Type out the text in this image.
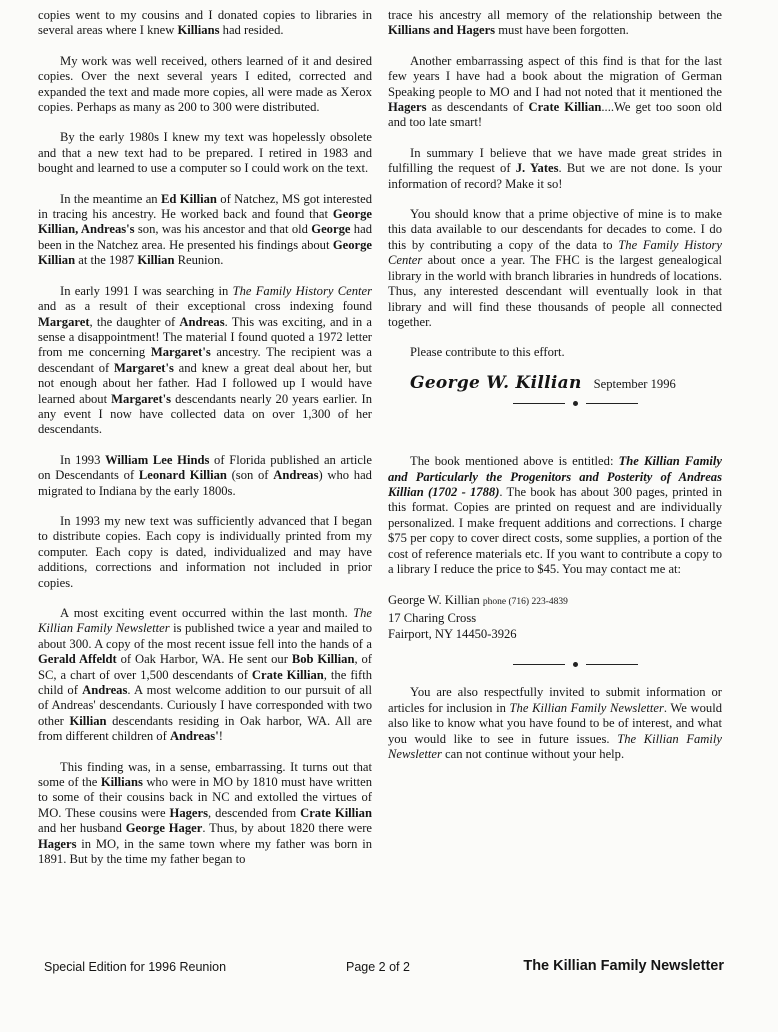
copies went to my cousins and I donated copies to libraries in several areas where I knew Killians had resided.

My work was well received, others learned of it and desired copies. Over the next several years I edited, corrected and expanded the text and made more copies, all were made as Xerox copies. Perhaps as many as 200 to 300 were distributed.

By the early 1980s I knew my text was hopelessly obsolete and that a new text had to be prepared. I retired in 1983 and bought and learned to use a computer so I could work on the text.

In the meantime an Ed Killian of Natchez, MS got interested in tracing his ancestry. He worked back and found that George Killian, Andreas's son, was his ancestor and that old George had been in the Natchez area. He presented his findings about George Killian at the 1987 Killian Reunion.

In early 1991 I was searching in The Family History Center and as a result of their exceptional cross indexing found Margaret, the daughter of Andreas. This was exciting, and in a sense a disappointment! The material I found quoted a 1972 letter from me concerning Margaret's ancestry. The recipient was a descendant of Margaret's and knew a great deal about her, but not enough about her father. Had I followed up I would have learned about Margaret's descendants nearly 20 years earlier. In any event I now have collected data on over 1,300 of her descendants.

In 1993 William Lee Hinds of Florida published an article on Descendants of Leonard Killian (son of Andreas) who had migrated to Indiana by the early 1800s.

In 1993 my new text was sufficiently advanced that I began to distribute copies. Each copy is individually printed from my computer. Each copy is dated, individualized and may have additions, corrections and information not included in prior copies.

A most exciting event occurred within the last month. The Killian Family Newsletter is published twice a year and mailed to about 300. A copy of the most recent issue fell into the hands of a Gerald Affeldt of Oak Harbor, WA. He sent our Bob Killian, of SC, a chart of over 1,500 descendants of Crate Killian, the fifth child of Andreas. A most welcome addition to our pursuit of all of Andreas' descendants. Curiously I have corresponded with two other Killian descendants residing in Oak harbor, WA. All are from different children of Andreas'!

This finding was, in a sense, embarrassing. It turns out that some of the Killians who were in MO by 1810 must have written to some of their cousins back in NC and extolled the virtues of MO. These cousins were Hagers, descended from Crate Killian and her husband George Hager. Thus, by about 1820 there were Hagers in MO, in the same town where my father was born in 1891. But by the time my father began to

trace his ancestry all memory of the relationship between the Killians and Hagers must have been forgotten.

Another embarrassing aspect of this find is that for the last few years I have had a book about the migration of German Speaking people to MO and I had not noted that it mentioned the Hagers as descendants of Crate Killian....We get too soon old and too late smart!

In summary I believe that we have made great strides in fulfilling the request of J. Yates. But we are not done. Is your information of record? Make it so!

You should know that a prime objective of mine is to make this data available to our descendants for decades to come. I do this by contributing a copy of the data to The Family History Center about once a year. The FHC is the largest genealogical library in the world with branch libraries in hundreds of locations. Thus, any interested descendant will eventually look in that library and will find these thousands of people all connected together.

Please contribute to this effort.

George W. Killian September 1996

The book mentioned above is entitled: The Killian Family and Particularly the Progenitors and Posterity of Andreas Killian (1702 - 1788). The book has about 300 pages, printed in this format. Copies are printed on request and are individually personalized. I make frequent additions and corrections. I charge $75 per copy to cover direct costs, some supplies, a portion of the cost of reference materials etc. If you want to contribute a copy to a library I reduce the price to $45. You may contact me at:

George W. Killian phone (716) 223-4839
17 Charing Cross
Fairport, NY 14450-3926

You are also respectfully invited to submit information or articles for inclusion in The Killian Family Newsletter. We would also like to know what you have found to be of interest, and what you would like to see in future issues. The Killian Family Newsletter can not continue without your help.

Special Edition for 1996 Reunion	Page 2 of 2	The Killian Family Newsletter
